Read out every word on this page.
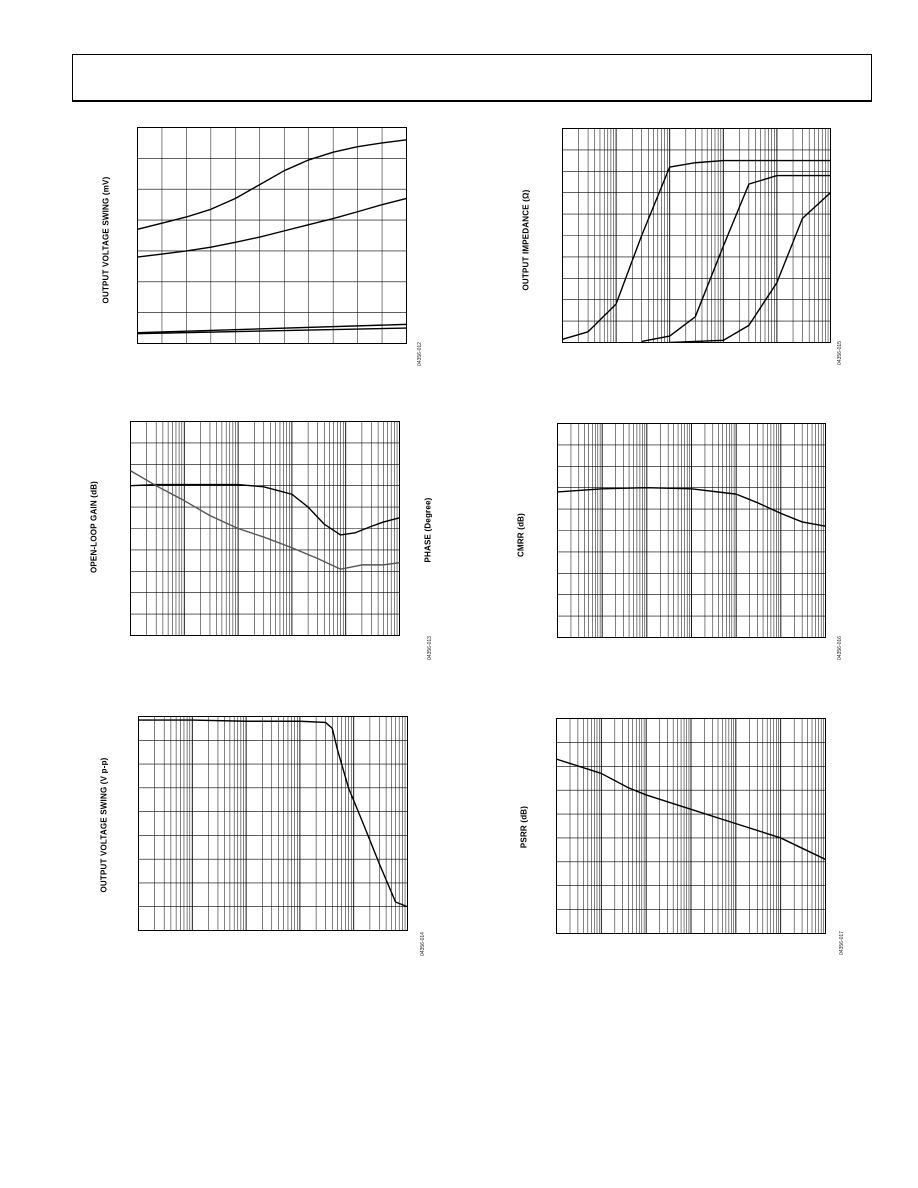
OUTPUT VOLTAGE SWING (mV)
04356-012
OUTPUT IMPEDANCE (Ω)
04356-015
OPEN-LOOP GAIN (dB)	PHASE (Degree)
04356-013
CMRR (dB)
04356-016
OUTPUT VOLTAGE SWING (V p-p)
04356-014
PSRR (dB)
04356-017
